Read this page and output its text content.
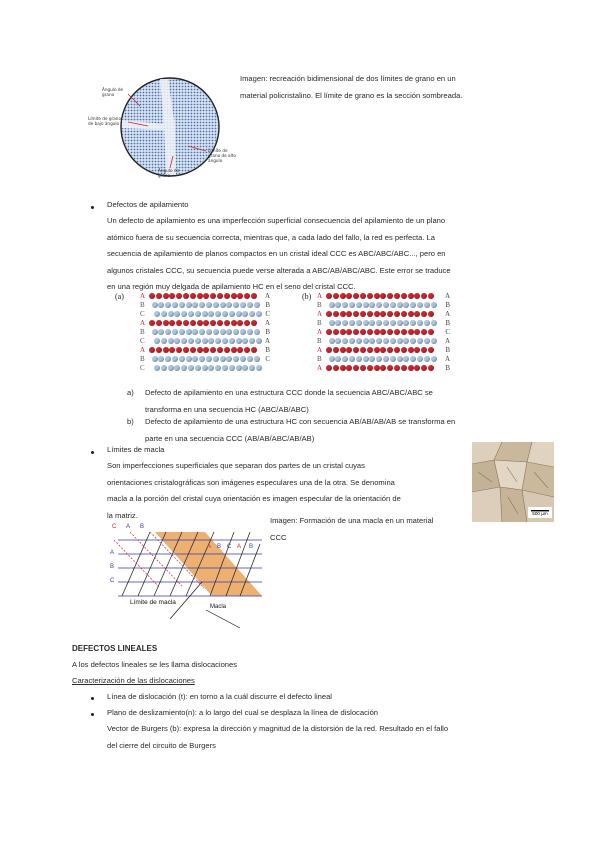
Ángulo de grano
Límite de grano de bajo ángulo
Límite de grano de alto ángulo
Ángulo de grano
Imagen: recreación bidimensional de dos límites de grano en un
material policristalino. El límite de grano es la sección sombreada.
Defectos de apilamiento
Un defecto de apilamiento es una imperfección superficial consecuencia del apilamiento de un plano
atómico fuera de su secuencia correcta, mientras que, a cada lado del fallo, la red es perfecta. La
secuencia de apilamiento de planos compactos en un cristal ideal CCC es ABC/ABC/ABC..., pero en
algunos cristales CCC, su secuencia puede verse alterada a ABC/AB/ABC/ABC. Este error se traduce
en una región muy delgada de apilamiento HC en el seno del cristal CCC.
(a)	(b)
A
B
C
A
B
C
A
B
C
A
B
C
A
B
A
B
C
A
B
A
B
A
B
A
B
A
A
B
A
B
C
A
B
A
B
a) Defecto de apilamiento en una estructura CCC donde la secuencia ABC/ABC/ABC se
transforma en una secuencia HC (ABC/AB/ABC)
b) Defecto de apilamiento de una estructura HC con secuencia AB/AB/AB/AB se transforma en
parte en una secuencia CCC (AB/AB/ABC/AB/AB)
Límites de macla
Son imperfecciones superficiales que separan dos partes de un cristal cuyas
orientaciones cristalográficas son imágenes especulares una de la otra. Se denomina
macla a la porción del cristal cuya orientación es imagen especular de la orientación de
la matriz.	500 µm
C A B
A B C A B
A
B
C
Límite de macla
Macla
Imagen: Formación de una macla en un material
CCC
DEFECTOS LINEALES
A los defectos lineales se les llama dislocaciones
Caracterización de las dislocaciones
Línea de dislocación (t): en torno a la cuál discurre el defecto lineal
Plano de deslizamiento(n): a lo largo del cual se desplaza la línea de dislocación
Vector de Burgers (b): expresa la dirección y magnitud de la distorsión de la red. Resultado en el fallo
del cierre del circuito de Burgers
